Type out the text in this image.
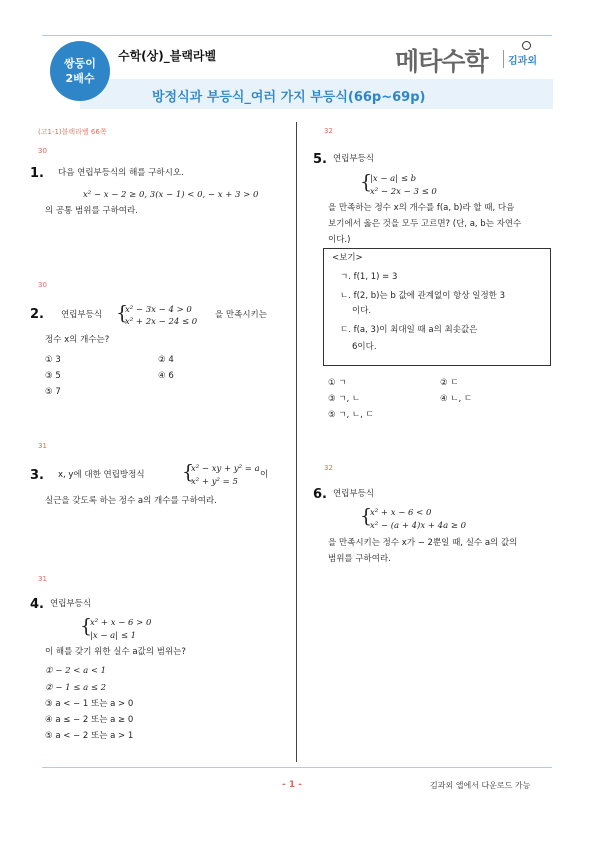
쌍둥이
2배수
수학(상)_블랙라벨	메타수학 김과외
방정식과 부등식_여러 가지 부등식(66p~69p)
(고1-1)블랙라벨 66쪽
30
1. 다음 연립부등식의 해를 구하시오.
x² − x − 2 ≥ 0, 3(x − 1) < 0, − x + 3 > 0
의 공통 범위를 구하여라.
30
2. 연립부등식 {
x² − 3x − 4 > 0
x² + 2x − 24 ≤ 0
을 만족시키는
정수 x의 개수는?
① 3	② 4
③ 5	④ 6
⑤ 7
31
3. x, y에 대한 연립방정식 {
x² − xy + y² = a
x² + y² = 5
이
실근을 갖도록 하는 정수 a의 개수를 구하여라.
31
4. 연립부등식
{
x² + x − 6 > 0
|x − a| ≤ 1
이 해를 갖기 위한 실수 a값의 범위는?
① − 2 < a < 1
② − 1 ≤ a ≤ 2
③ a < − 1 또는 a > 0
④ a ≤ − 2 또는 a ≥ 0
⑤ a < − 2 또는 a > 1
32
5. 연립부등식
{
|x − a| ≤ b
x² − 2x − 3 ≤ 0
을 만족하는 정수 x의 개수를 f(a, b)라 할 때, 다음
보기에서 옳은 것을 모두 고르면? (단, a, b는 자연수
이다.)
<보기>
ㄱ. f(1, 1) = 3
ㄴ. f(2, b)는 b 값에 관계없이 항상 일정한 3
이다.
ㄷ. f(a, 3)이 최대일 때 a의 최솟값은
6이다.
① ㄱ	② ㄷ
③ ㄱ, ㄴ	④ ㄴ, ㄷ
⑤ ㄱ, ㄴ, ㄷ
32
6. 연립부등식
{
x² + x − 6 < 0
x² − (a + 4)x + 4a ≥ 0
을 만족시키는 정수 x가 − 2뿐일 때, 실수 a의 값의
범위를 구하여라.
- 1 -	김과외 앱에서 다운로드 가능
